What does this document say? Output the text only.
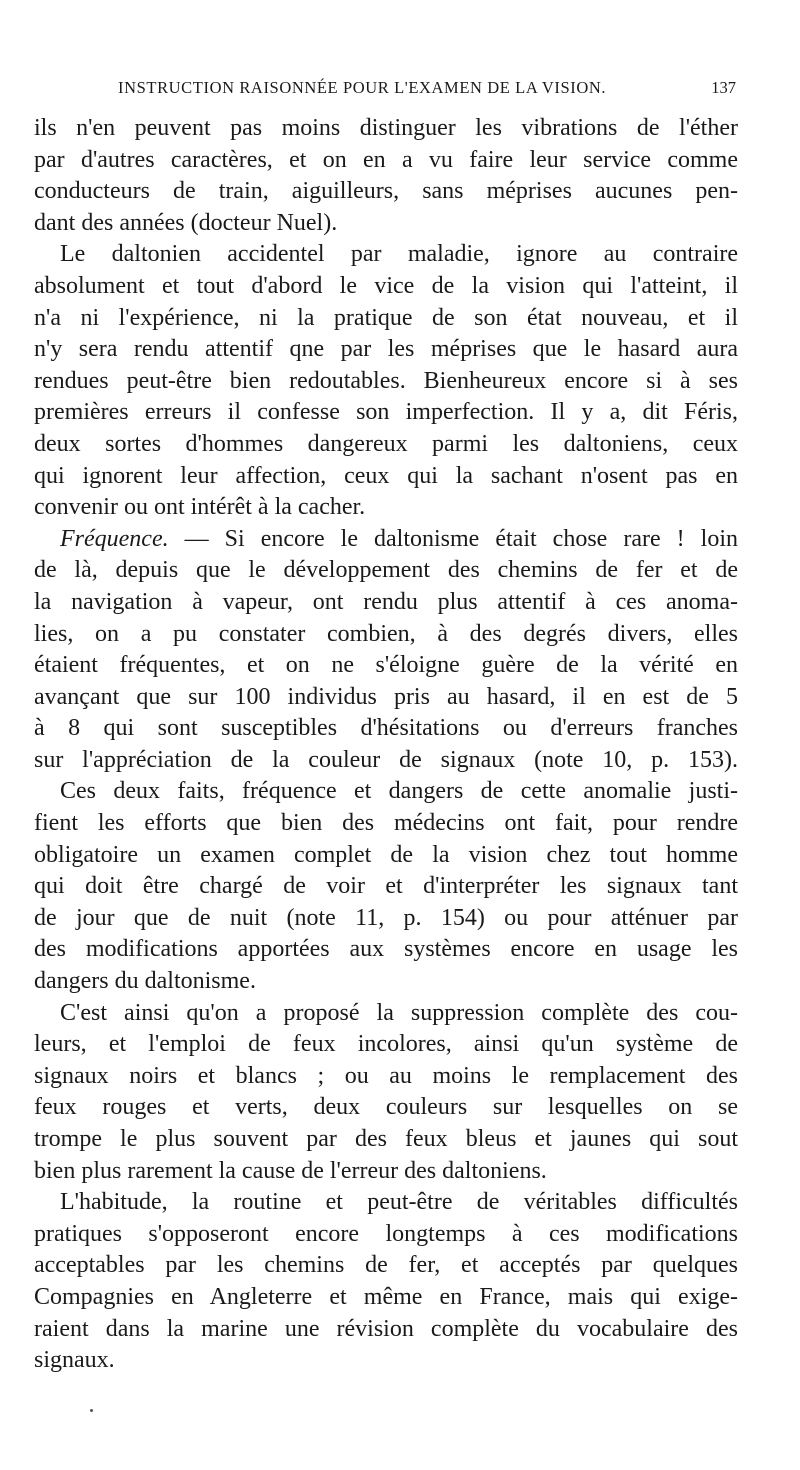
INSTRUCTION RAISONNÉE POUR L'EXAMEN DE LA VISION.	137
ils n'en peuvent pas moins distinguer les vibrations de l'éther
par d'autres caractères, et on en a vu faire leur service comme
conducteurs de train, aiguilleurs, sans méprises aucunes pen-
dant des années (docteur Nuel).
Le daltonien accidentel par maladie, ignore au contraire
absolument et tout d'abord le vice de la vision qui l'atteint, il
n'a ni l'expérience, ni la pratique de son état nouveau, et il
n'y sera rendu attentif qne par les méprises que le hasard aura
rendues peut-être bien redoutables. Bienheureux encore si à ses
premières erreurs il confesse son imperfection. Il y a, dit Féris,
deux sortes d'hommes dangereux parmi les daltoniens, ceux
qui ignorent leur affection, ceux qui la sachant n'osent pas en
convenir ou ont intérêt à la cacher.
Fréquence. — Si encore le daltonisme était chose rare ! loin
de là, depuis que le développement des chemins de fer et de
la navigation à vapeur, ont rendu plus attentif à ces anoma-
lies, on a pu constater combien, à des degrés divers, elles
étaient fréquentes, et on ne s'éloigne guère de la vérité en
avançant que sur 100 individus pris au hasard, il en est de 5
à 8 qui sont susceptibles d'hésitations ou d'erreurs franches
sur l'appréciation de la couleur de signaux (note 10, p. 153).
Ces deux faits, fréquence et dangers de cette anomalie justi-
fient les efforts que bien des médecins ont fait, pour rendre
obligatoire un examen complet de la vision chez tout homme
qui doit être chargé de voir et d'interpréter les signaux tant
de jour que de nuit (note 11, p. 154) ou pour atténuer par
des modifications apportées aux systèmes encore en usage les
dangers du daltonisme.
C'est ainsi qu'on a proposé la suppression complète des cou-
leurs, et l'emploi de feux incolores, ainsi qu'un système de
signaux noirs et blancs ; ou au moins le remplacement des
feux rouges et verts, deux couleurs sur lesquelles on se
trompe le plus souvent par des feux bleus et jaunes qui sout
bien plus rarement la cause de l'erreur des daltoniens.
L'habitude, la routine et peut-être de véritables difficultés
pratiques s'opposeront encore longtemps à ces modifications
acceptables par les chemins de fer, et acceptés par quelques
Compagnies en Angleterre et même en France, mais qui exige-
raient dans la marine une révision complète du vocabulaire des
signaux.
